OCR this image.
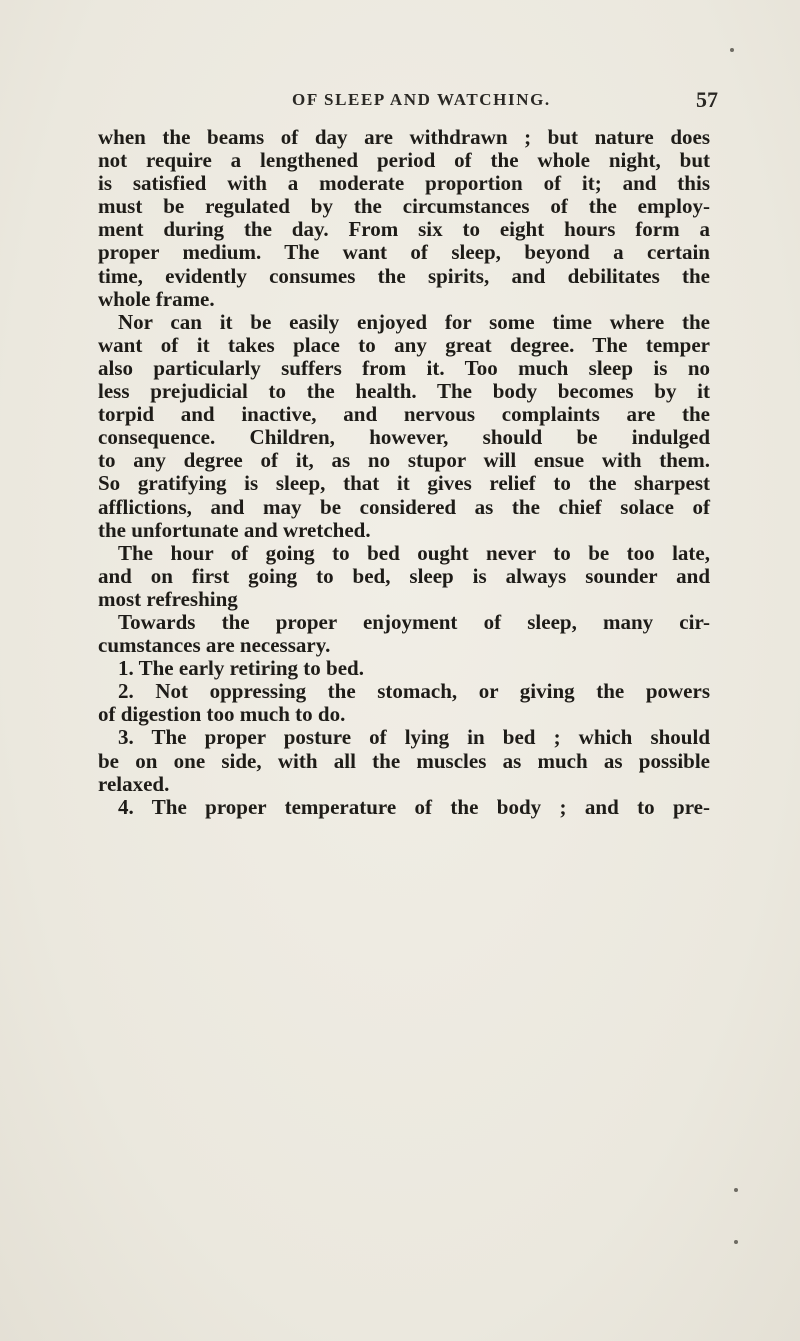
OF SLEEP AND WATCHING.	57
when the beams of day are withdrawn ; but nature does
not require a lengthened period of the whole night, but
is satisfied with a moderate proportion of it; and this
must be regulated by the circumstances of the employ-
ment during the day. From six to eight hours form a
proper medium. The want of sleep, beyond a certain
time, evidently consumes the spirits, and debilitates the
whole frame.
Nor can it be easily enjoyed for some time where the
want of it takes place to any great degree. The temper
also particularly suffers from it. Too much sleep is no
less prejudicial to the health. The body becomes by it
torpid and inactive, and nervous complaints are the
consequence. Children, however, should be indulged
to any degree of it, as no stupor will ensue with them.
So gratifying is sleep, that it gives relief to the sharpest
afflictions, and may be considered as the chief solace of
the unfortunate and wretched.
The hour of going to bed ought never to be too late,
and on first going to bed, sleep is always sounder and
most refreshing
Towards the proper enjoyment of sleep, many cir-
cumstances are necessary.
1. The early retiring to bed.
2. Not oppressing the stomach, or giving the powers
of digestion too much to do.
3. The proper posture of lying in bed ; which should
be on one side, with all the muscles as much as possible
relaxed.
4. The proper temperature of the body ; and to pre-
